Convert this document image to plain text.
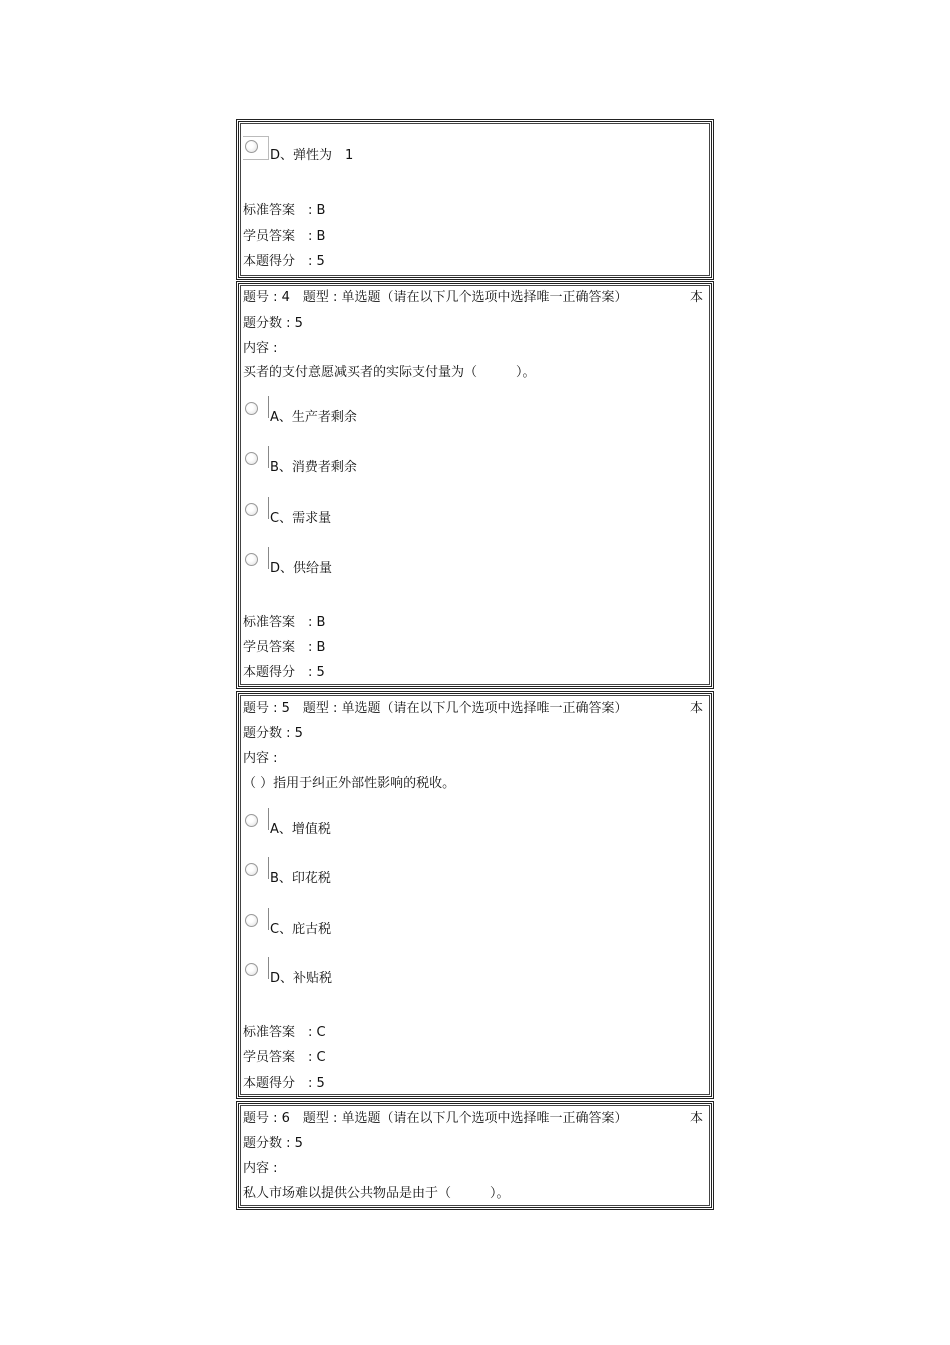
D、弹性为　1
标准答案　: B
学员答案　: B
本题得分　: 5
题号 : 4　题型 : 单选题（请在以下几个选项中选择唯一正确答案）	本
题分数 : 5
内容 :
买者的支付意愿减买者的实际支付量为（　　　）。
A、生产者剩余
B、消费者剩余
C、需求量
D、供给量
标准答案　: B
学员答案　: B
本题得分　: 5
题号 : 5　题型 : 单选题（请在以下几个选项中选择唯一正确答案）	本
题分数 : 5
内容 :
（ ）指用于纠正外部性影响的税收。
A、增值税
B、印花税
C、庇古税
D、补贴税
标准答案　: C
学员答案　: C
本题得分　: 5
题号 : 6　题型 : 单选题（请在以下几个选项中选择唯一正确答案）	本
题分数 : 5
内容 :
私人市场难以提供公共物品是由于（　　　）。
